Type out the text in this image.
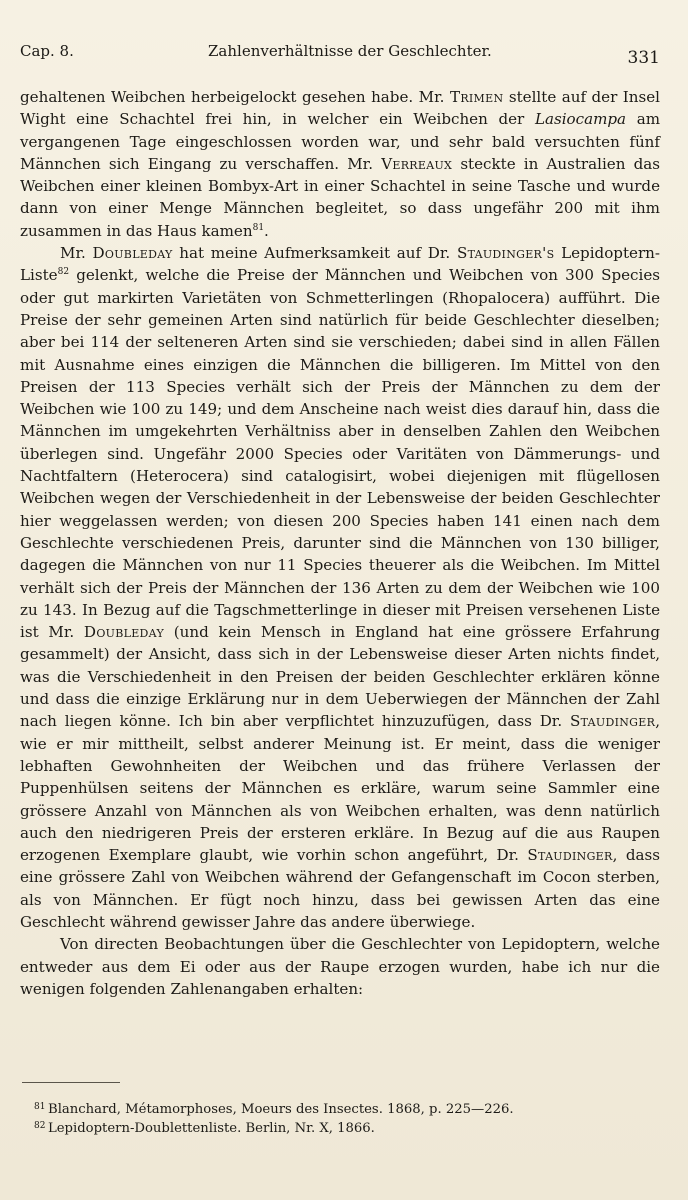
Cap. 8.	Zahlenverhältnisse der Geschlechter.	331

gehaltenen Weibchen herbeigelockt gesehen habe. Mr. Trimen stellte auf der Insel Wight eine Schachtel frei hin, in welcher ein Weibchen der Lasiocampa am vergangenen Tage eingeschlossen worden war, und sehr bald versuchten fünf Männchen sich Eingang zu verschaffen. Mr. Verreaux steckte in Australien das Weibchen einer kleinen Bombyx-Art in einer Schachtel in seine Tasche und wurde dann von einer Menge Männchen begleitet, so dass ungefähr 200 mit ihm zusammen in das Haus kamen$^{81}$.

Mr. Doubleday hat meine Aufmerksamkeit auf Dr. Staudinger's Lepidoptern-Liste$^{82}$ gelenkt, welche die Preise der Männchen und Weibchen von 300 Species oder gut markirten Varietäten von Schmetterlingen (Rhopalocera) aufführt. Die Preise der sehr gemeinen Arten sind natürlich für beide Geschlechter dieselben; aber bei 114 der selteneren Arten sind sie verschieden; dabei sind in allen Fällen mit Ausnahme eines einzigen die Männchen die billigeren. Im Mittel von den Preisen der 113 Species verhält sich der Preis der Männchen zu dem der Weibchen wie 100 zu 149; und dem Anscheine nach weist dies darauf hin, dass die Männchen im umgekehrten Verhältniss aber in denselben Zahlen den Weibchen überlegen sind. Ungefähr 2000 Species oder Varitäten von Dämmerungs- und Nachtfaltern (Heterocera) sind catalogisirt, wobei diejenigen mit flügellosen Weibchen wegen der Verschiedenheit in der Lebensweise der beiden Geschlechter hier weggelassen werden; von diesen 200 Species haben 141 einen nach dem Geschlechte verschiedenen Preis, darunter sind die Männchen von 130 billiger, dagegen die Männchen von nur 11 Species theuerer als die Weibchen. Im Mittel verhält sich der Preis der Männchen der 136 Arten zu dem der Weibchen wie 100 zu 143. In Bezug auf die Tagschmetterlinge in dieser mit Preisen versehenen Liste ist Mr. Doubleday (und kein Mensch in England hat eine grössere Erfahrung gesammelt) der Ansicht, dass sich in der Lebensweise dieser Arten nichts findet, was die Verschiedenheit in den Preisen der beiden Geschlechter erklären könne und dass die einzige Erklärung nur in dem Ueberwiegen der Männchen der Zahl nach liegen könne. Ich bin aber verpflichtet hinzuzufügen, dass Dr. Staudinger, wie er mir mittheilt, selbst anderer Meinung ist. Er meint, dass die weniger lebhaften Gewohnheiten der Weibchen und das frühere Verlassen der Puppenhülsen seitens der Männchen es erkläre, warum seine Sammler eine grössere Anzahl von Männchen als von Weibchen erhalten, was denn natürlich auch den niedrigeren Preis der ersteren erkläre. In Bezug auf die aus Raupen erzogenen Exemplare glaubt, wie vorhin schon angeführt, Dr. Staudinger, dass eine grössere Zahl von Weibchen während der Gefangenschaft im Cocon sterben, als von Männchen. Er fügt noch hinzu, dass bei gewissen Arten das eine Geschlecht während gewisser Jahre das andere überwiege.

Von directen Beobachtungen über die Geschlechter von Lepidoptern, welche entweder aus dem Ei oder aus der Raupe erzogen wurden, habe ich nur die wenigen folgenden Zahlenangaben erhalten:

81 Blanchard, Métamorphoses, Moeurs des Insectes. 1868, p. 225—226.

82 Lepidoptern-Doublettenliste. Berlin, Nr. X, 1866.
